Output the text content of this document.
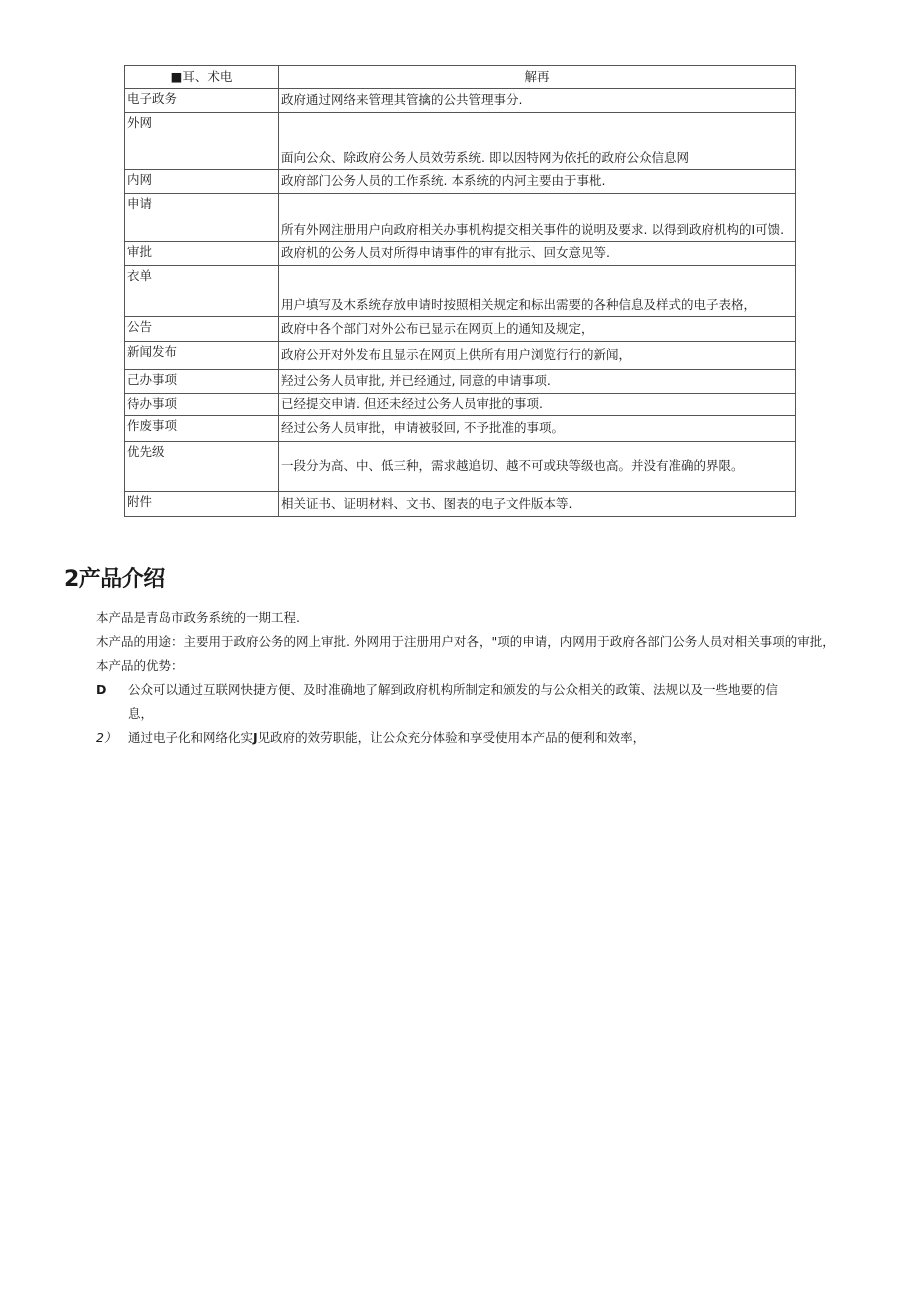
■耳、术电	解再
电子政务	政府通过网络来管理其管擒的公共管理事分.
外网	面向公众、除政府公务人员效劳系统. 即以因特网为依托的政府公众信息网
内网	政府部门公务人员的工作系统. 本系统的内河主要由于事枇.
申请	所有外网注册用户向政府相关办事机构提交相关事件的说明及要求. 以得到政府机构的I可馈.
审批	政府机的公务人员对所得申请事件的审有批示、回女意见等.
衣单	用户填写及木系统存放申请时按照相关规定和标出需要的各种信息及样式的电子表格，
公告	政府中各个部门对外公布已显示在网页上的通知及规定，
新闻发布	政府公开对外发布且显示在网页上供所有用户浏览行行的新闻，
己办事项	羟过公务人员审批, 并已经通过, 同意的申请事项.
待办事项	已经提交申请. 但还未经过公务人员审批的事项.
作废事项	经过公务人员审批，申请被驳回, 不予批准的事项。
优先级	一段分为高、中、低三种，需求越追切、越不可或玦等级也高。并没有准确的界限。
附件	相关证书、证明材料、文书、图表的电子文件版本等.
2产品介绍

本产品是青岛市政务系统的一期工程.

木产品的用途：主要用于政府公务的网上审批. 外网用于注册用户对各，"项的申请，内网用于政府各部门公务人员对相关事项的审批，

本产品的优势：

D 公众可以通过互联网快捷方便、及时准确地了解到政府机构所制定和颁发的与公众相关的政策、法规以及一些地要的信
息，
2） 通过电子化和网络化实J见政府的效劳职能，让公众充分体验和享受使用本产品的便利和效率，
